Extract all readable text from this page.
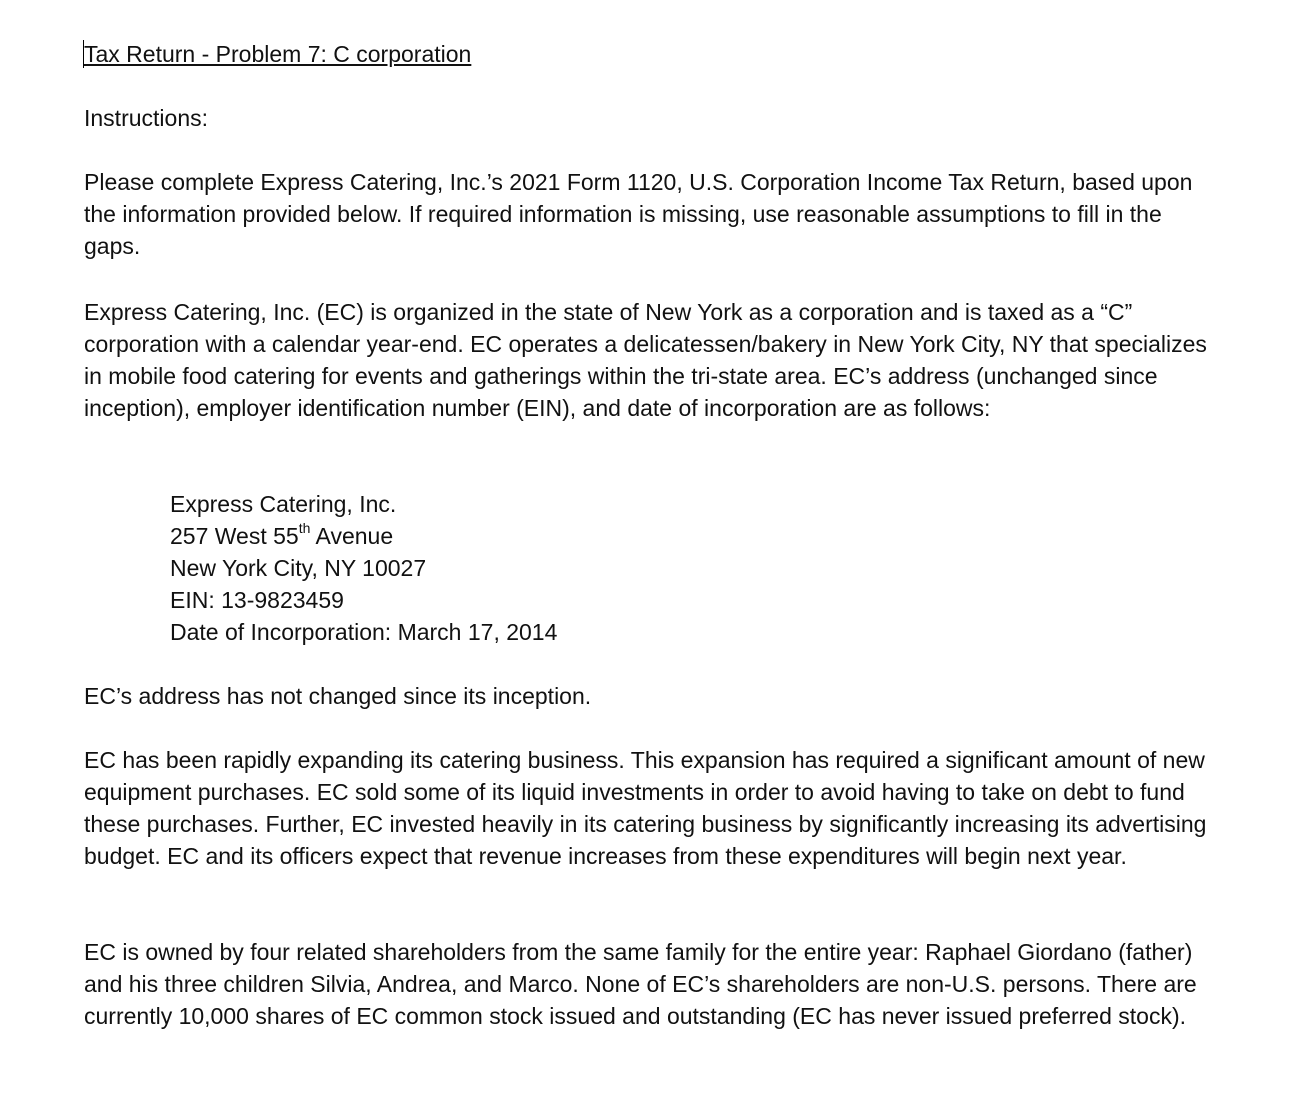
Tax Return - Problem 7: C corporation

Instructions:

Please complete Express Catering, Inc.’s 2021 Form 1120, U.S. Corporation Income Tax Return, based upon the information provided below. If required information is missing, use reasonable assumptions to fill in the gaps.

Express Catering, Inc. (EC) is organized in the state of New York as a corporation and is taxed as a “C” corporation with a calendar year-end. EC operates a delicatessen/bakery in New York City, NY that specializes in mobile food catering for events and gatherings within the tri-state area. EC’s address (unchanged since inception), employer identification number (EIN), and date of incorporation are as follows:

Express Catering, Inc.
257 West 55th Avenue
New York City, NY 10027
EIN: 13-9823459
Date of Incorporation: March 17, 2014

EC’s address has not changed since its inception.

EC has been rapidly expanding its catering business. This expansion has required a significant amount of new equipment purchases. EC sold some of its liquid investments in order to avoid having to take on debt to fund these purchases. Further, EC invested heavily in its catering business by significantly increasing its advertising budget. EC and its officers expect that revenue increases from these expenditures will begin next year.

EC is owned by four related shareholders from the same family for the entire year: Raphael Giordano (father) and his three children Silvia, Andrea, and Marco. None of EC’s shareholders are non-U.S. persons. There are currently 10,000 shares of EC common stock issued and outstanding (EC has never issued preferred stock).
